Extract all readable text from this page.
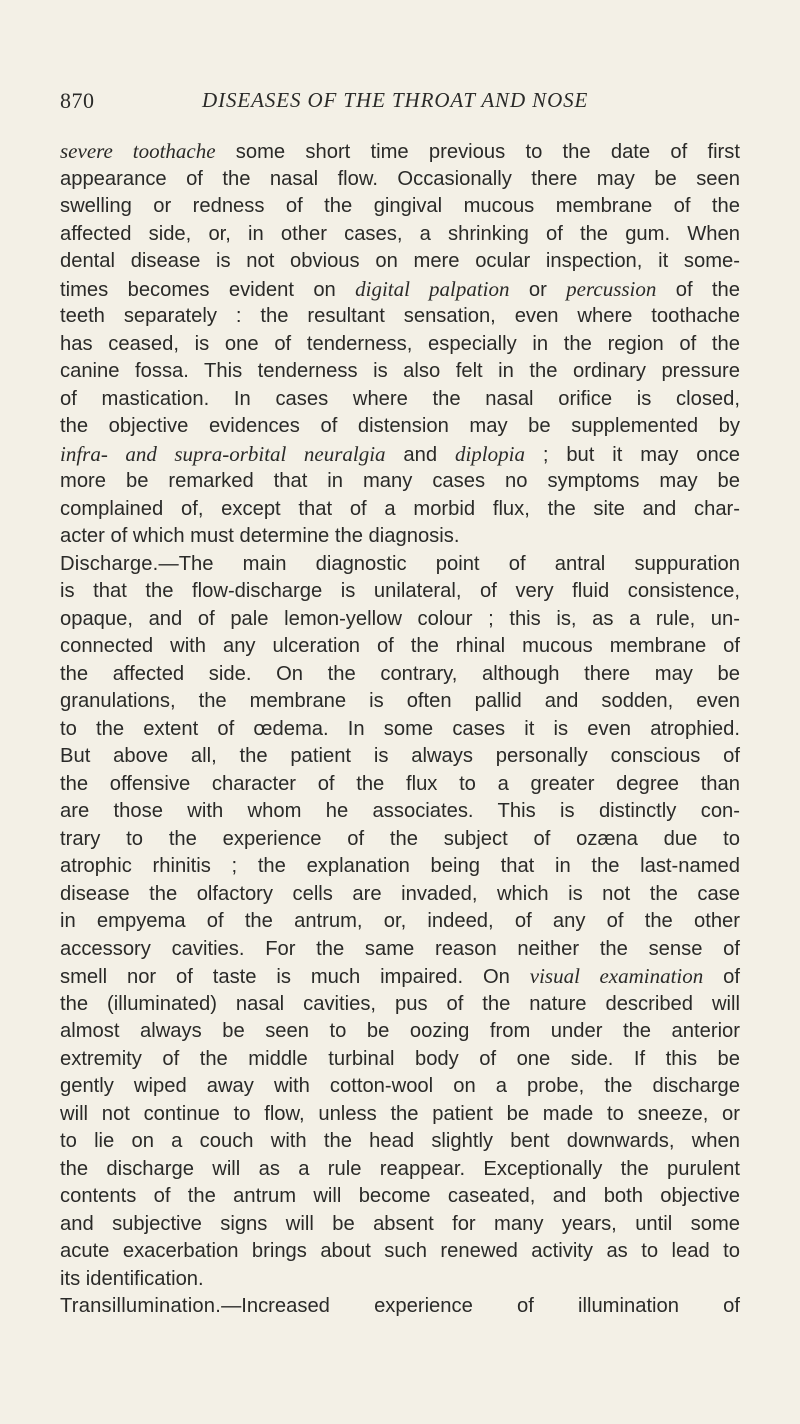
870	DISEASES OF THE THROAT AND NOSE
severe toothache some short time previous to the date of first
appearance of the nasal flow. Occasionally there may be seen
swelling or redness of the gingival mucous membrane of the
affected side, or, in other cases, a shrinking of the gum. When
dental disease is not obvious on mere ocular inspection, it some-
times becomes evident on digital palpation or percussion of the
teeth separately : the resultant sensation, even where toothache
has ceased, is one of tenderness, especially in the region of the
canine fossa. This tenderness is also felt in the ordinary pressure
of mastication. In cases where the nasal orifice is closed,
the objective evidences of distension may be supplemented by
infra- and supra-orbital neuralgia and diplopia ; but it may once
more be remarked that in many cases no symptoms may be
complained of, except that of a morbid flux, the site and char-
acter of which must determine the diagnosis.
Discharge.—The main diagnostic point of antral suppuration
is that the flow-discharge is unilateral, of very fluid consistence,
opaque, and of pale lemon-yellow colour ; this is, as a rule, un-
connected with any ulceration of the rhinal mucous membrane of
the affected side. On the contrary, although there may be
granulations, the membrane is often pallid and sodden, even
to the extent of œdema. In some cases it is even atrophied.
But above all, the patient is always personally conscious of
the offensive character of the flux to a greater degree than
are those with whom he associates. This is distinctly con-
trary to the experience of the subject of ozæna due to
atrophic rhinitis ; the explanation being that in the last-named
disease the olfactory cells are invaded, which is not the case
in empyema of the antrum, or, indeed, of any of the other
accessory cavities. For the same reason neither the sense of
smell nor of taste is much impaired. On visual examination of
the (illuminated) nasal cavities, pus of the nature described will
almost always be seen to be oozing from under the anterior
extremity of the middle turbinal body of one side. If this be
gently wiped away with cotton-wool on a probe, the discharge
will not continue to flow, unless the patient be made to sneeze, or
to lie on a couch with the head slightly bent downwards, when
the discharge will as a rule reappear. Exceptionally the purulent
contents of the antrum will become caseated, and both objective
and subjective signs will be absent for many years, until some
acute exacerbation brings about such renewed activity as to lead to
its identification.
Transillumination.—Increased experience of illumination of
